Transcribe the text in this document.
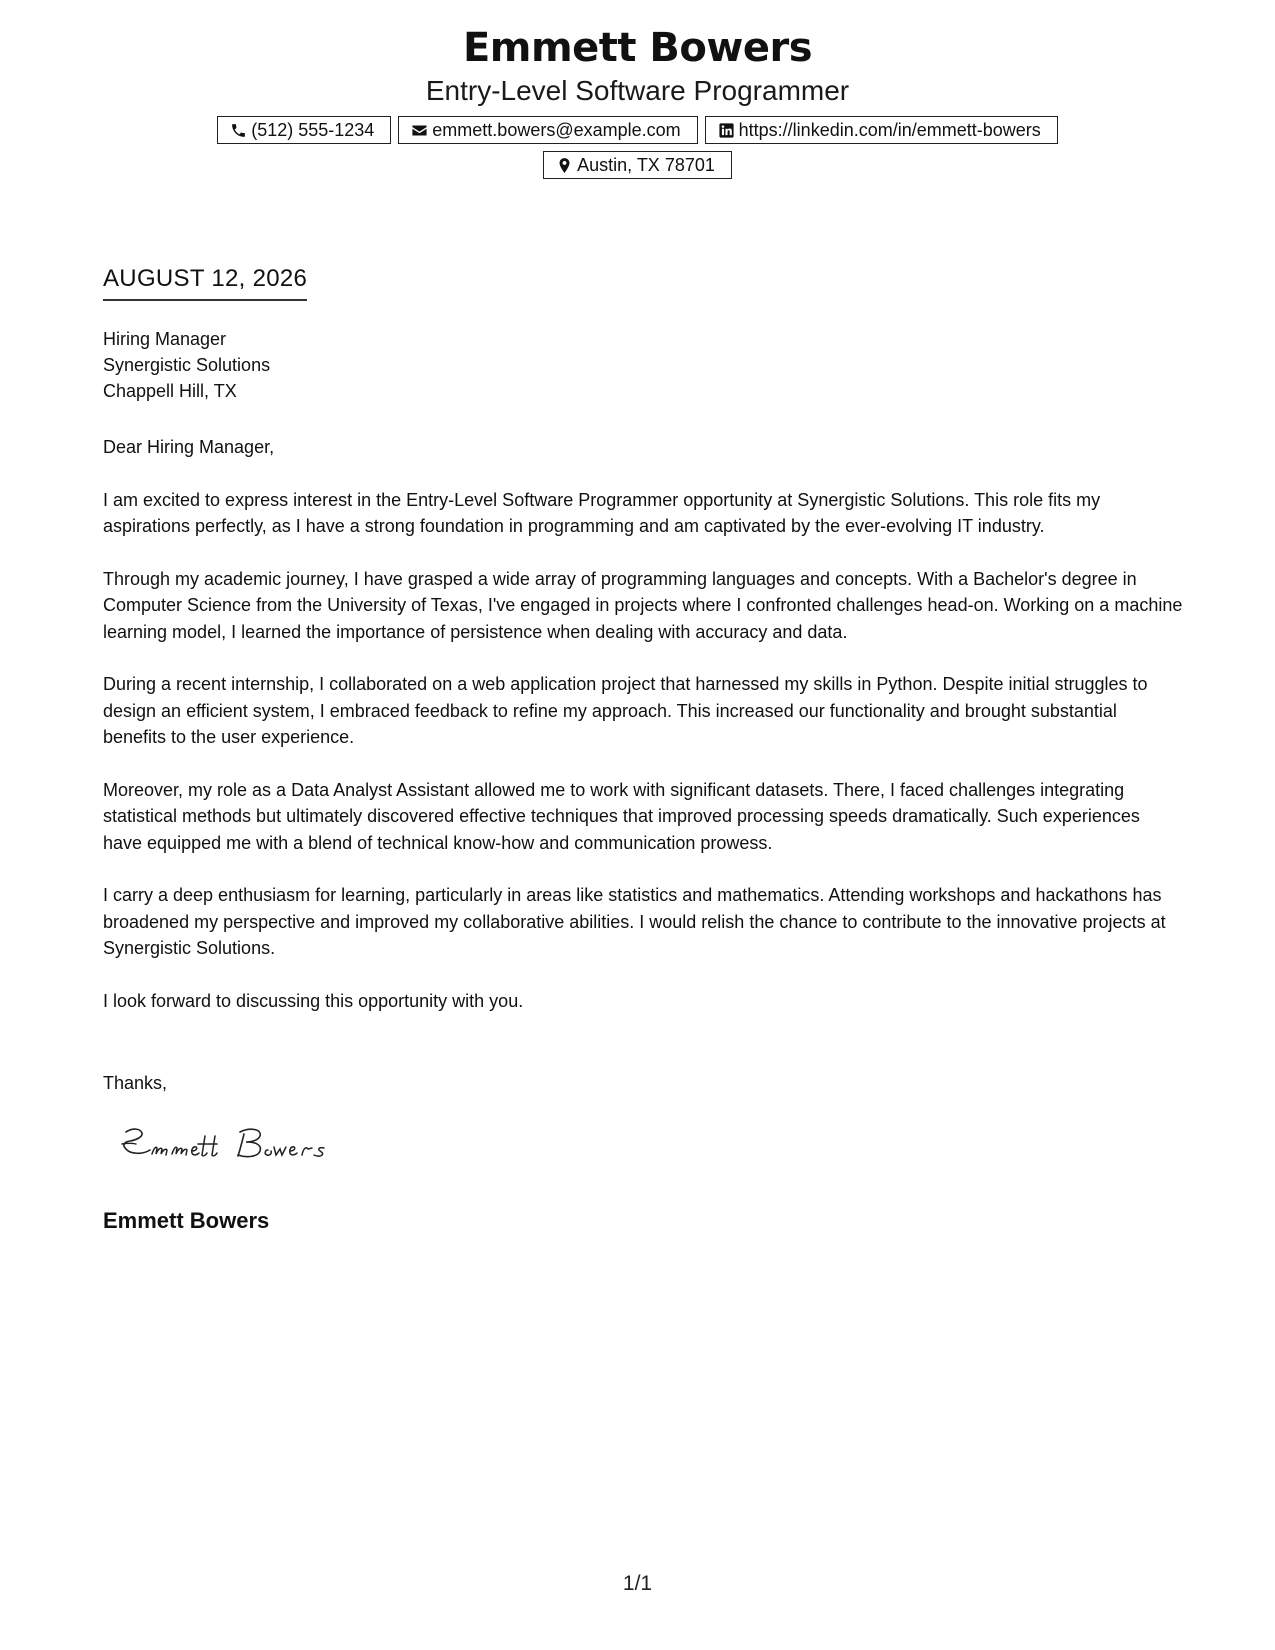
Emmett Bowers
Entry-Level Software Programmer
(512) 555-1234	emmett.bowers@example.com	https://linkedin.com/in/emmett-bowers
Austin, TX 78701
AUGUST 12, 2026
Hiring Manager
Synergistic Solutions
Chappell Hill, TX

Dear Hiring Manager,

I am excited to express interest in the Entry-Level Software Programmer opportunity at Synergistic Solutions. This role fits my aspirations perfectly, as I have a strong foundation in programming and am captivated by the ever-evolving IT industry.

Through my academic journey, I have grasped a wide array of programming languages and concepts. With a Bachelor's degree in Computer Science from the University of Texas, I've engaged in projects where I confronted challenges head-on. Working on a machine learning model, I learned the importance of persistence when dealing with accuracy and data.

During a recent internship, I collaborated on a web application project that harnessed my skills in Python. Despite initial struggles to design an efficient system, I embraced feedback to refine my approach. This increased our functionality and brought substantial benefits to the user experience.

Moreover, my role as a Data Analyst Assistant allowed me to work with significant datasets. There, I faced challenges integrating statistical methods but ultimately discovered effective techniques that improved processing speeds dramatically. Such experiences have equipped me with a blend of technical know-how and communication prowess.

I carry a deep enthusiasm for learning, particularly in areas like statistics and mathematics. Attending workshops and hackathons has broadened my perspective and improved my collaborative abilities. I would relish the chance to contribute to the innovative projects at Synergistic Solutions.

I look forward to discussing this opportunity with you.

Thanks,
Emmett Bowers
1/1
